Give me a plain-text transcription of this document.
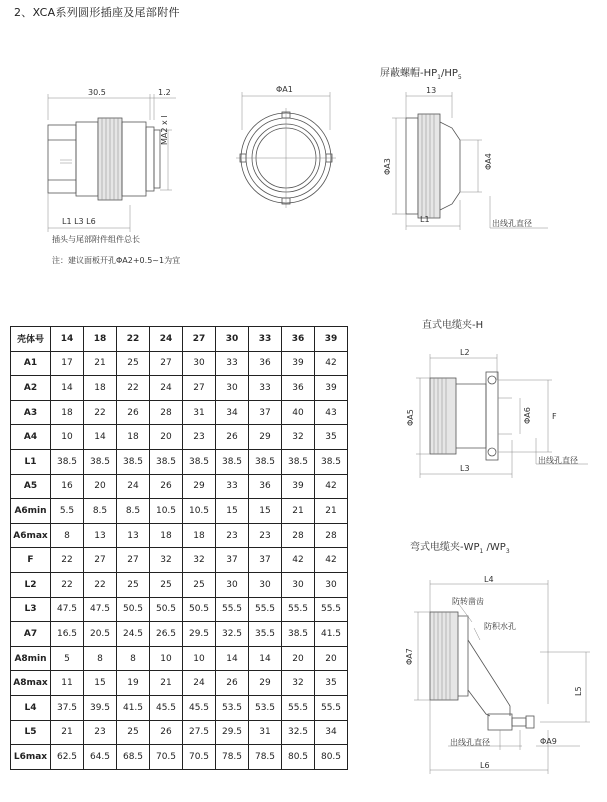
2、XCA系列圆形插座及尾部附件
30.5	1.2
MA2 x l
L1 L3 L6
插头与尾部附件组件总长
注：建议面板开孔ΦA2+0.5~1为宜
ΦA1
屏蔽螺帽$-HP_1/HP_5$
13
ΦA3	ΦA4
L1	出线孔直径
直式电缆夹-H
L2
ΦA5	ΦA6	F
L3
出线孔直径
弯式电缆夹$-WP_1$ $/WP_3$
L4
防转凿齿
防积水孔
ΦA7
L5
出线孔直径	ΦA9
L6
壳体号	14	18	22	24	27	30	33	36	39
A1	17	21	25	27	30	33	36	39	42
A2	14	18	22	24	27	30	33	36	39
A3	18	22	26	28	31	34	37	40	43
A4	10	14	18	20	23	26	29	32	35
L1	38.5	38.5	38.5	38.5	38.5	38.5	38.5	38.5	38.5
A5	16	20	24	26	29	33	36	39	42
A6min	5.5	8.5	8.5	10.5	10.5	15	15	21	21
A6max	8	13	13	18	18	23	23	28	28
F	22	27	27	32	32	37	37	42	42
L2	22	22	25	25	25	30	30	30	30
L3	47.5	47.5	50.5	50.5	50.5	55.5	55.5	55.5	55.5
A7	16.5	20.5	24.5	26.5	29.5	32.5	35.5	38.5	41.5
A8min	5	8	8	10	10	14	14	20	20
A8max	11	15	19	21	24	26	29	32	35
L4	37.5	39.5	41.5	45.5	45.5	53.5	53.5	55.5	55.5
L5	21	23	25	26	27.5	29.5	31	32.5	34
L6max	62.5	64.5	68.5	70.5	70.5	78.5	78.5	80.5	80.5
